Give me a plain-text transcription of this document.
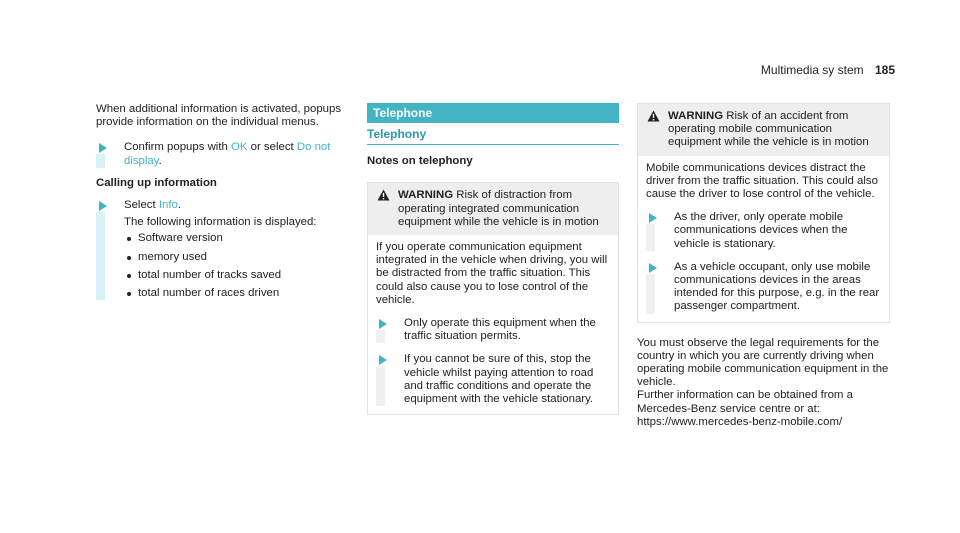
Multimedia sy stem 185

When additional information is activated, popups provide information on the individual menus.

Confirm popups with OK or select Do not display.

Calling up information

Select Info.

The following information is displayed:

Software version
memory used
total number of tracks saved
total number of races driven
Telephone
Telephony

Notes on telephony

WARNING Risk of distraction from operating integrated communication equipment while the vehicle is in motion

If you operate communication equipment integrated in the vehicle when driving, you will be distracted from the traffic situation. This could also cause you to lose control of the vehicle.

Only operate this equipment when the traffic situation permits.
If you cannot be sure of this, stop the vehicle whilst paying attention to road and traffic conditions and operate the equipment with the vehicle stationary.
WARNING Risk of an accident from operating mobile communication equipment while the vehicle is in motion

Mobile communications devices distract the driver from the traffic situation. This could also cause the driver to lose control of the vehicle.

As the driver, only operate mobile communications devices when the vehicle is stationary.
As a vehicle occupant, only use mobile communications devices in the areas intended for this purpose, e.g. in the rear passenger compartment.

You must observe the legal requirements for the country in which you are currently driving when operating mobile communication equipment in the vehicle.

Further information can be obtained from a Mercedes-Benz service centre or at: https://www.mercedes-benz-mobile.com/
